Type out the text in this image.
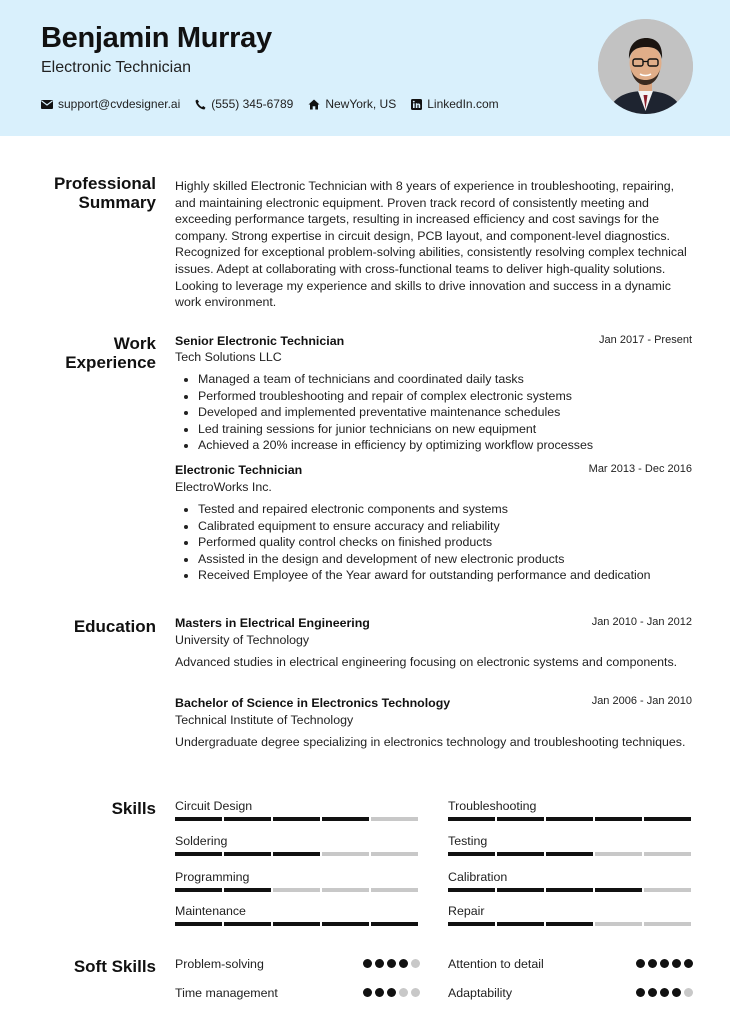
Benjamin Murray
Electronic Technician
support@cvdesigner.ai	(555) 345-6789	NewYork, US	LinkedIn.com
Professional Summary
Highly skilled Electronic Technician with 8 years of experience in troubleshooting, repairing, and maintaining electronic equipment. Proven track record of consistently meeting and exceeding performance targets, resulting in increased efficiency and cost savings for the company. Strong expertise in circuit design, PCB layout, and component-level diagnostics. Recognized for exceptional problem-solving abilities, consistently resolving complex technical issues. Adept at collaborating with cross-functional teams to deliver high-quality solutions. Looking to leverage my experience and skills to drive innovation and success in a dynamic work environment.
Work Experience
Senior Electronic Technician	Jan 2017 - Present
Tech Solutions LLC
• Managed a team of technicians and coordinated daily tasks
• Performed troubleshooting and repair of complex electronic systems
• Developed and implemented preventative maintenance schedules
• Led training sessions for junior technicians on new equipment
• Achieved a 20% increase in efficiency by optimizing workflow processes
Electronic Technician	Mar 2013 - Dec 2016
ElectroWorks Inc.
• Tested and repaired electronic components and systems
• Calibrated equipment to ensure accuracy and reliability
• Performed quality control checks on finished products
• Assisted in the design and development of new electronic products
• Received Employee of the Year award for outstanding performance and dedication
Education Masters in Electrical Engineering	Jan 2010 - Jan 2012
University of Technology
Advanced studies in electrical engineering focusing on electronic systems and components.
Bachelor of Science in Electronics Technology	Jan 2006 - Jan 2010
Technical Institute of Technology
Undergraduate degree specializing in electronics technology and troubleshooting techniques.
Skills Circuit Design	Troubleshooting
Soldering	Testing
Programming	Calibration
Maintenance	Repair
Soft Skills Problem-solving	Attention to detail
Time management	Adaptability
